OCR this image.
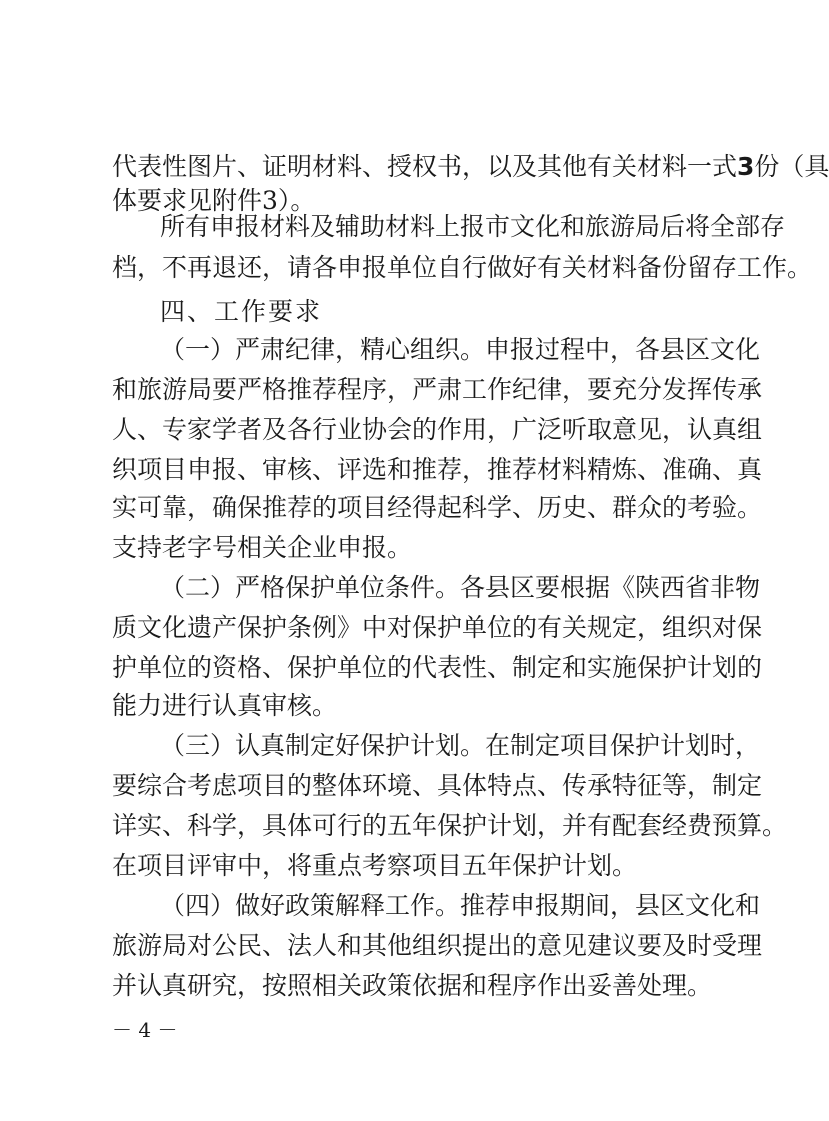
代表性图片、证明材料、授权书，以及其他有关材料一式3份（具
体要求见附件3）。
所有申报材料及辅助材料上报市文化和旅游局后将全部存
档，不再退还，请各申报单位自行做好有关材料备份留存工作。
四、工作要求
（一）严肃纪律，精心组织。申报过程中，各县区文化
和旅游局要严格推荐程序，严肃工作纪律，要充分发挥传承
人、专家学者及各行业协会的作用，广泛听取意见，认真组
织项目申报、审核、评选和推荐，推荐材料精炼、准确、真
实可靠，确保推荐的项目经得起科学、历史、群众的考验。
支持老字号相关企业申报。
（二）严格保护单位条件。各县区要根据《陕西省非物
质文化遗产保护条例》中对保护单位的有关规定，组织对保
护单位的资格、保护单位的代表性、制定和实施保护计划的
能力进行认真审核。
（三）认真制定好保护计划。在制定项目保护计划时，
要综合考虑项目的整体环境、具体特点、传承特征等，制定
详实、科学，具体可行的五年保护计划，并有配套经费预算。
在项目评审中，将重点考察项目五年保护计划。
（四）做好政策解释工作。推荐申报期间，县区文化和
旅游局对公民、法人和其他组织提出的意见建议要及时受理
并认真研究，按照相关政策依据和程序作出妥善处理。
－ 4 －
